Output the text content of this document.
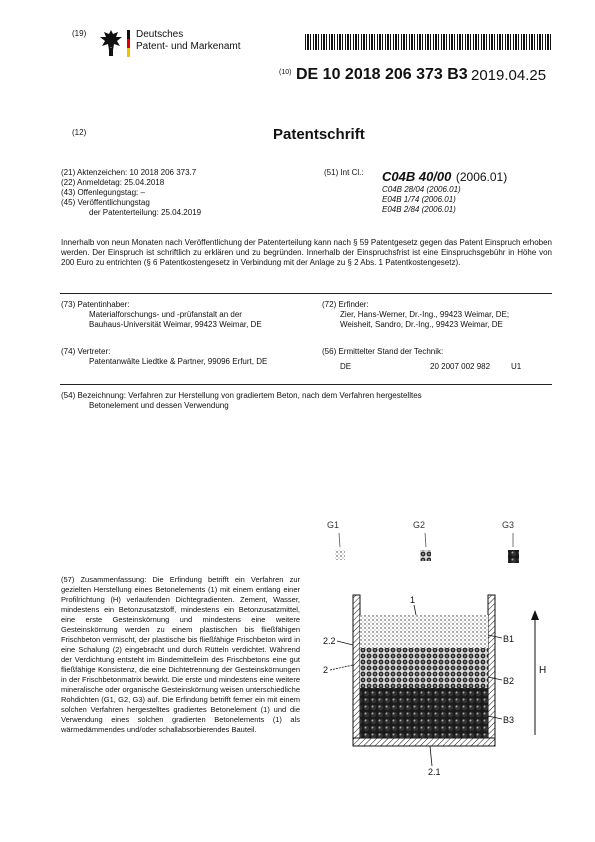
(19)	Deutsches
Patent- und Markenamt
(10) DE 10 2018 206 373 B3 2019.04.25
(12)	Patentschrift
(21) Aktenzeichen: 10 2018 206 373.7
(22) Anmeldetag: 25.04.2018
(43) Offenlegungstag: –
(45) Veröffentlichungstag
der Patenterteilung: 25.04.2019
(51) Int Cl.: C04B 40/00 (2006.01)
C04B 28/04 (2006.01)
E04B 1/74 (2006.01)
E04B 2/84 (2006.01)
Innerhalb von neun Monaten nach Veröffentlichung der Patenterteilung kann nach § 59 Patentgesetz gegen das Patent Einspruch erhoben werden. Der Einspruch ist schriftlich zu erklären und zu begründen. Innerhalb der Einspruchsfrist ist eine Einspruchsgebühr in Höhe von 200 Euro zu entrichten (§ 6 Patentkostengesetz in Verbindung mit der Anlage zu § 2 Abs. 1 Patentkostengesetz).
(73) Patentinhaber:
Materialforschungs- und -prüfanstalt an der
Bauhaus-Universität Weimar, 99423 Weimar, DE
(72) Erfinder:
Zier, Hans-Werner, Dr.-Ing., 99423 Weimar, DE;
Weisheit, Sandro, Dr.-Ing., 99423 Weimar, DE
(74) Vertreter:
Patentanwälte Liedtke & Partner, 99096 Erfurt, DE
(56) Ermittelter Stand der Technik:
DE	20 2007 002 982	U1
(54) Bezeichnung: Verfahren zur Herstellung von gradiertem Beton, nach dem Verfahren hergestelltes
Betonelement und dessen Verwendung
(57) Zusammenfassung: Die Erfindung betrifft ein Verfahren zur gezielten Herstellung eines Betonelements (1) mit einem entlang einer Profilrichtung (H) verlaufenden Dichtegradienten. Zement, Wasser, mindestens ein Betonzusatzstoff, mindestens ein Betonzusatzmittel, eine erste Gesteinskörnung und mindestens eine weitere Gesteinskörnung werden zu einem plastischen bis fließfähigen Frischbeton vermischt, der plastische bis fließfähige Frischbeton wird in eine Schalung (2) eingebracht und durch Rütteln verdichtet. Während der Verdichtung entsteht im Bindemittelleim des Frischbetons eine gut fließfähige Konsistenz, die eine Dichtetrennung der Gesteinskörnungen in der Frischbetonmatrix bewirkt. Die erste und mindestens eine weitere mineralische oder organische Gesteinskörnung weisen unterschiedliche Rohdichten (G1, G2, G3) auf. Die Erfindung betrifft ferner ein mit einem solchen Verfahren hergestelltes gradiertes Betonelement (1) und die Verwendung eines solchen gradierten Betonelements (1) als wärmedämmendes und/oder schallabsorbierendes Bauteil.
G1	G2	G3
1
2.2
2
2.1
B1
B2
B3
H
